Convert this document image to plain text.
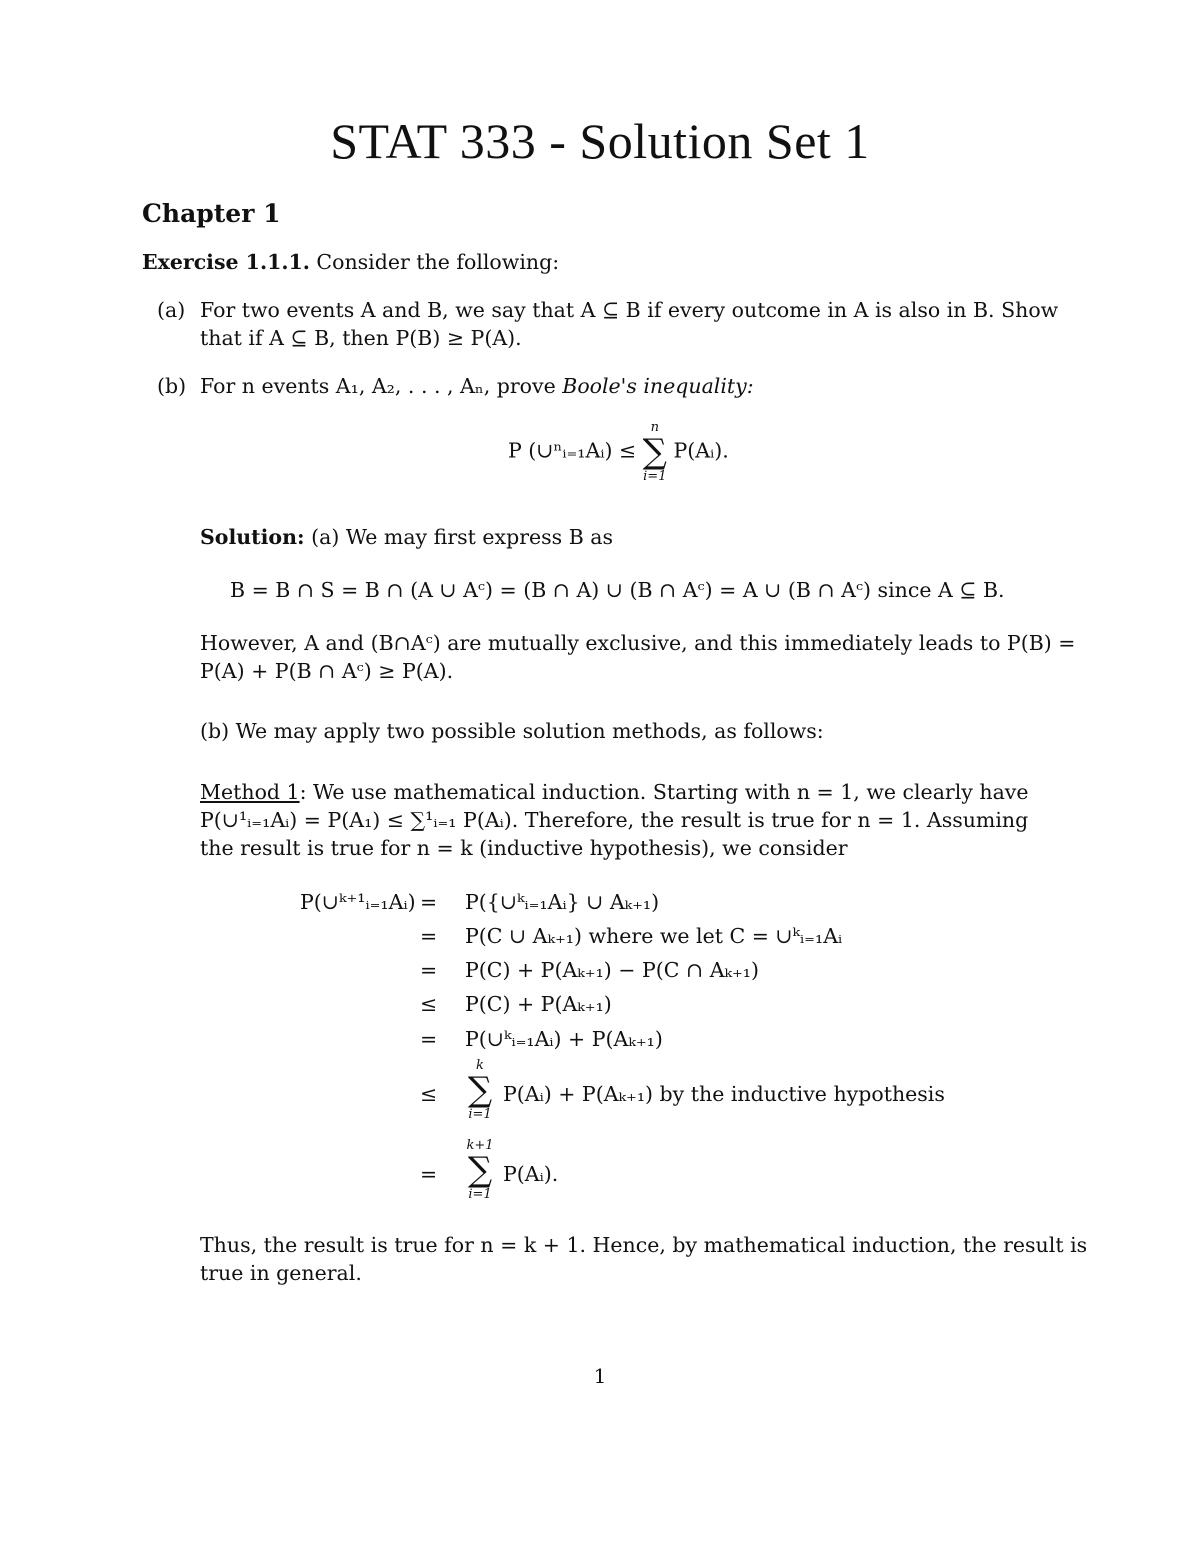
STAT 333 - Solution Set 1
Chapter 1
Exercise 1.1.1. Consider the following:
(a) For two events A and B, we say that A ⊆ B if every outcome in A is also in B. Show
that if A ⊆ B, then P(B) ≥ P(A).
(b) For n events A₁, A₂, . . . , Aₙ, prove Boole's inequality:
P (∪ⁿᵢ₌₁Aᵢ) ≤
n
∑
i=1
P(Aᵢ).
Solution: (a) We may first express B as
B = B ∩ S = B ∩ (A ∪ Aᶜ) = (B ∩ A) ∪ (B ∩ Aᶜ) = A ∪ (B ∩ Aᶜ) since A ⊆ B.
However, A and (B∩Aᶜ) are mutually exclusive, and this immediately leads to P(B) =
P(A) + P(B ∩ Aᶜ) ≥ P(A).
(b) We may apply two possible solution methods, as follows:
Method 1: We use mathematical induction. Starting with n = 1, we clearly have
P(∪¹ᵢ₌₁Aᵢ) = P(A₁) ≤ ∑¹ᵢ₌₁ P(Aᵢ). Therefore, the result is true for n = 1. Assuming
the result is true for n = k (inductive hypothesis), we consider
P(∪ᵏ⁺¹ᵢ₌₁Aᵢ) = P({∪ᵏᵢ₌₁Aᵢ} ∪ Aₖ₊₁)
= P(C ∪ Aₖ₊₁) where we let C = ∪ᵏᵢ₌₁Aᵢ
= P(C) + P(Aₖ₊₁) − P(C ∩ Aₖ₊₁)
≤ P(C) + P(Aₖ₊₁)
= P(∪ᵏᵢ₌₁Aᵢ) + P(Aₖ₊₁)
≤
k
∑
i=1
P(Aᵢ) + P(Aₖ₊₁) by the inductive hypothesis
=
k+1
∑
i=1
P(Aᵢ).
Thus, the result is true for n = k + 1. Hence, by mathematical induction, the result is
true in general.
1
